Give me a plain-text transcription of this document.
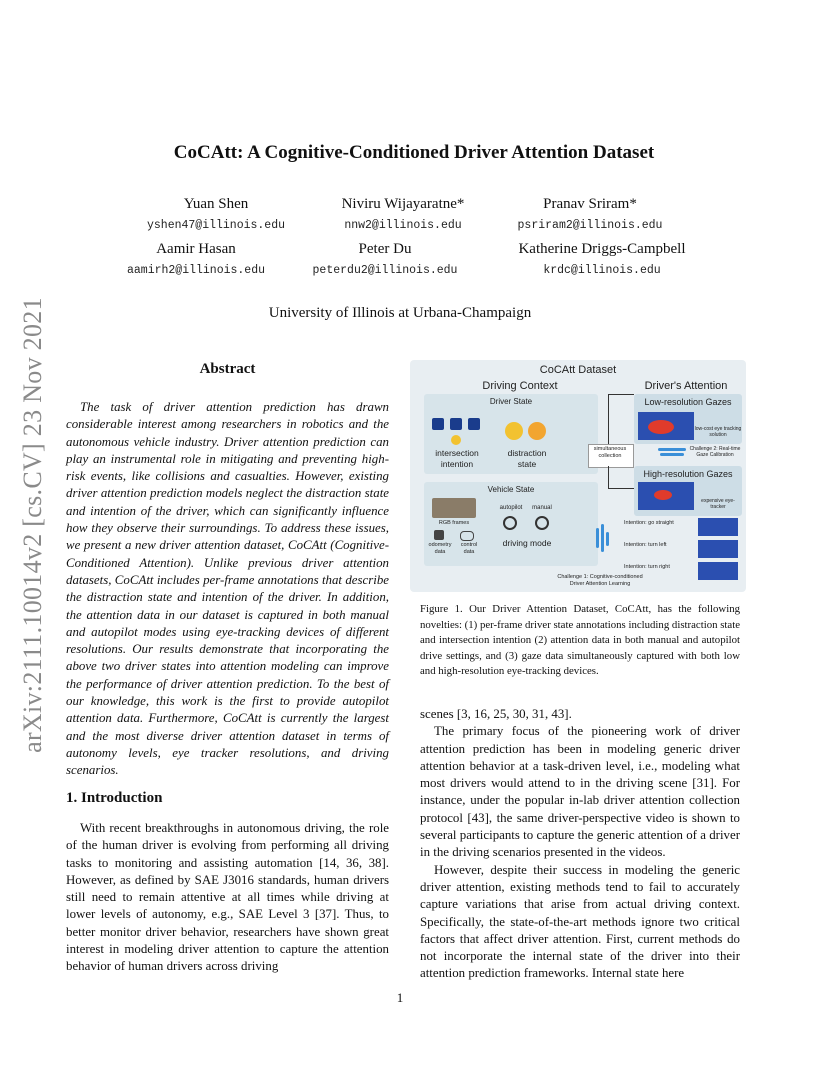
CoCAtt: A Cognitive-Conditioned Driver Attention Dataset
Yuan Shen
yshen47@illinois.edu
Niviru Wijayaratne*
nnw2@illinois.edu
Pranav Sriram*
psriram2@illinois.edu
Aamir Hasan
aamirh2@illinois.edu
Peter Du
peterdu2@illinois.edu
Katherine Driggs-Campbell
krdc@illinois.edu
University of Illinois at Urbana-Champaign
arXiv:2111.10014v2 [cs.CV] 23 Nov 2021	Abstract

The task of driver attention prediction has drawn considerable interest among researchers in robotics and the autonomous vehicle industry. Driver attention prediction can play an instrumental role in mitigating and preventing high-risk events, like collisions and casualties. However, existing driver attention prediction models neglect the distraction state and intention of the driver, which can significantly influence how they observe their surroundings. To address these issues, we present a new driver attention dataset, CoCAtt (Cognitive-Conditioned Attention). Unlike previous driver attention datasets, CoCAtt includes per-frame annotations that describe the distraction state and intention of the driver. In addition, the attention data in our dataset is captured in both manual and autopilot modes using eye-tracking devices of different resolutions. Our results demonstrate that incorporating the above two driver states into attention modeling can improve the performance of driver attention prediction. To the best of our knowledge, this work is the first to provide autopilot attention data. Furthermore, CoCAtt is currently the largest and the most diverse driver attention dataset in terms of autonomy levels, eye tracker resolutions, and driving scenarios.

1. Introduction

With recent breakthroughs in autonomous driving, the role of the human driver is evolving from performing all driving tasks to monitoring and assisting automation [14, 36, 38]. However, as defined by SAE J3016 standards, human drivers still need to remain attentive at all times while driving at lower levels of autonomy, e.g., SAE Level 3 [37]. Thus, to better monitor driver behavior, researchers have shown great interest in modeling driver attention to capture the attention behavior of human drivers across driving

CoCAtt Dataset
Driving Context	Driver's Attention
Driver State
intersection intention
distraction state
Vehicle State
RGB frames
autopilot	manual
odometry data
control data
driving mode
simultaneous collection
Low-resolution Gazes
low-cost eye tracking solution
Challenge 2: Real-time Gaze Calibration
High-resolution Gazes
expensive eye-tracker
Intention: go straight
Intention: turn left
Intention: turn right
Challenge 1: Cognitive-conditioned Driver Attention Learning
Figure 1. Our Driver Attention Dataset, CoCAtt, has the following novelties: (1) per-frame driver state annotations including distraction state and intersection intention (2) attention data in both manual and autopilot drive settings, and (3) gaze data simultaneously captured with both low and high-resolution eye-tracking devices.
scenes [3, 16, 25, 30, 31, 43].

The primary focus of the pioneering work of driver attention prediction has been in modeling generic driver attention behavior at a task-driven level, i.e., modeling what most drivers would attend to in the driving scene [31]. For instance, under the popular in-lab driver attention collection protocol [43], the same driver-perspective video is shown to several participants to capture the generic attention of a driver in the driving scenarios presented in the videos.

However, despite their success in modeling the generic driver attention, existing methods tend to fail to accurately capture variations that arise from actual driving context. Specifically, the state-of-the-art methods ignore two critical factors that affect driver attention. First, current methods do not incorporate the internal state of the driver into their attention prediction frameworks. Internal state here

1
